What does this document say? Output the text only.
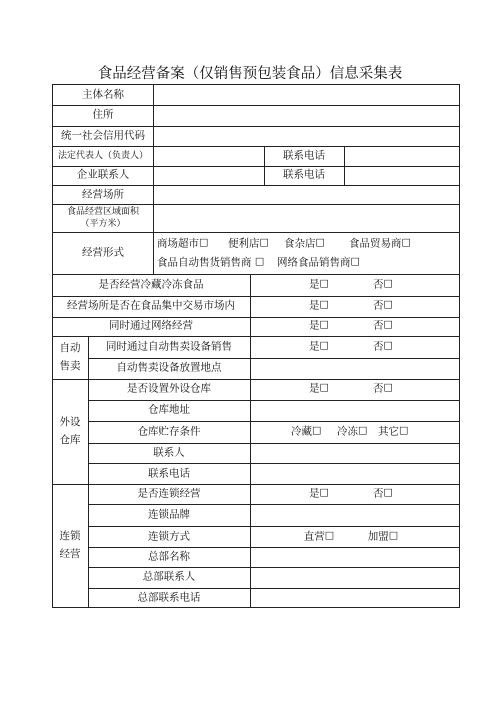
食品经营备案（仅销售预包装食品）信息采集表
主体名称
住所
统一社会信用代码
法定代表人（负责人）	联系电话
企业联系人	联系电话
经营场所
食品经营区域面积
（平方米）
经营形式
商场超市☐ 便利店☐ 食杂店☐ 食品贸易商☐
食品自动售货销售商 ☐ 网络食品销售商☐
是否经营冷藏冷冻食品	是☐	否☐
经营场所是否在食品集中交易市场内	是☐	否☐
同时通过网络经营	是☐	否☐
自动
售卖
同时通过自动售卖设备销售	是☐	否☐
自动售卖设备放置地点
外设
仓库
是否设置外设仓库	是☐	否☐
仓库地址
仓库贮存条件	冷藏☐ 冷冻☐ 其它☐
联系人
联系电话
连锁
经营
是否连锁经营	是☐	否☐
连锁品牌
连锁方式	直营☐	加盟☐
总部名称
总部联系人
总部联系电话
